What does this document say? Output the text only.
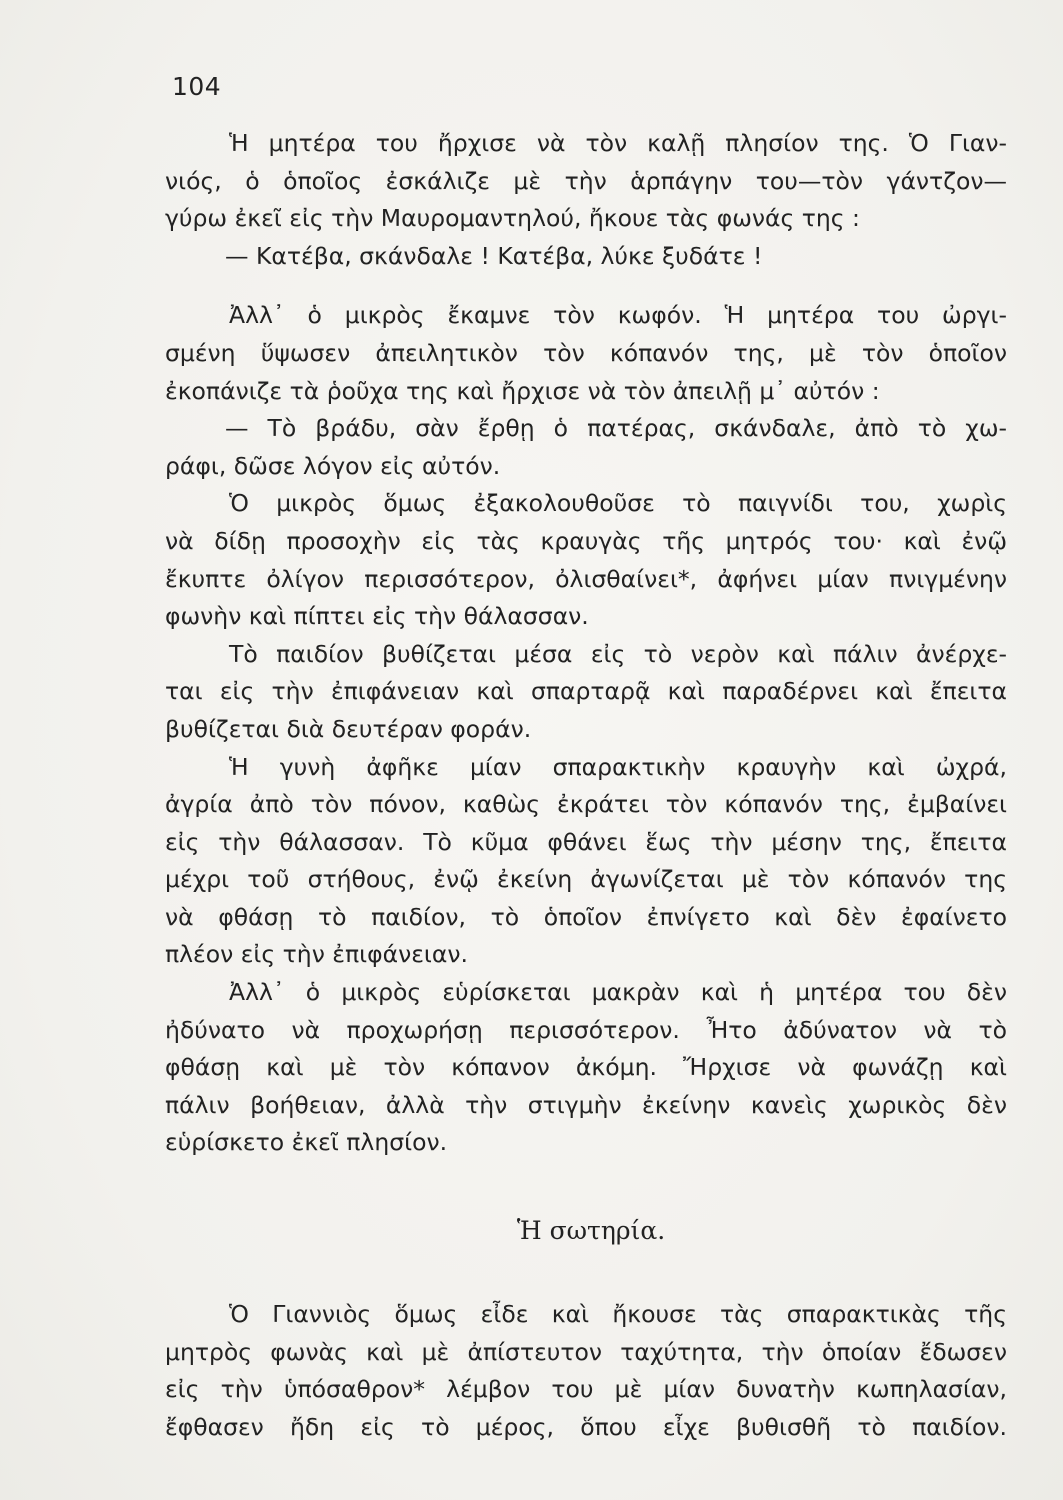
104
Ἡ μητέρα του ἤρχισε νὰ τὸν καλῇ πλησίον της. Ὁ Γιαν-
νιός, ὁ ὁποῖος ἐσκάλιζε μὲ τὴν ἁρπάγην του—τὸν γάντζον—
γύρω ἐκεῖ εἰς τὴν Μαυρομαντηλού, ἤκουε τὰς φωνάς της :
— Κατέβα, σκάνδαλε ! Κατέβα, λύκε ξυδάτε !
Ἀλλ᾽ ὁ μικρὸς ἔκαμνε τὸν κωφόν. Ἡ μητέρα του ὠργι-
σμένη ὕψωσεν ἀπειλητικὸν τὸν κόπανόν της, μὲ τὸν ὁποῖον
ἐκοπάνιζε τὰ ῥοῦχα της καὶ ἤρχισε νὰ τὸν ἀπειλῇ μ᾽ αὐτόν :
— Τὸ βράδυ, σὰν ἔρθῃ ὁ πατέρας, σκάνδαλε, ἀπὸ τὸ χω-
ράφι, δῶσε λόγον εἰς αὐτόν.
Ὁ μικρὸς ὅμως ἐξακολουθοῦσε τὸ παιγνίδι του, χωρὶς
νὰ δίδῃ προσοχὴν εἰς τὰς κραυγὰς τῆς μητρός του· καὶ ἐνῷ
ἔκυπτε ὀλίγον περισσότερον, ὀλισθαίνει*, ἀφήνει μίαν πνιγμένην
φωνὴν καὶ πίπτει εἰς τὴν θάλασσαν.
Τὸ παιδίον βυθίζεται μέσα εἰς τὸ νερὸν καὶ πάλιν ἀνέρχε-
ται εἰς τὴν ἐπιφάνειαν καὶ σπαρταρᾷ καὶ παραδέρνει καὶ ἔπειτα
βυθίζεται διὰ δευτέραν φοράν.
Ἡ γυνὴ ἀφῆκε μίαν σπαρακτικὴν κραυγὴν καὶ ὠχρά,
ἀγρία ἀπὸ τὸν πόνον, καθὼς ἐκράτει τὸν κόπανόν της, ἐμβαίνει
εἰς τὴν θάλασσαν. Τὸ κῦμα φθάνει ἕως τὴν μέσην της, ἔπειτα
μέχρι τοῦ στήθους, ἐνῷ ἐκείνη ἀγωνίζεται μὲ τὸν κόπανόν της
νὰ φθάσῃ τὸ παιδίον, τὸ ὁποῖον ἐπνίγετο καὶ δὲν ἐφαίνετο
πλέον εἰς τὴν ἐπιφάνειαν.
Ἀλλ᾽ ὁ μικρὸς εὑρίσκεται μακρὰν καὶ ἡ μητέρα του δὲν
ἠδύνατο νὰ προχωρήσῃ περισσότερον. Ἦτο ἀδύνατον νὰ τὸ
φθάσῃ καὶ μὲ τὸν κόπανον ἀκόμη. Ἤρχισε νὰ φωνάζῃ καὶ
πάλιν βοήθειαν, ἀλλὰ τὴν στιγμὴν ἐκείνην κανεὶς χωρικὸς δὲν
εὑρίσκετο ἐκεῖ πλησίον.
Ἡ σωτηρία.
Ὁ Γιαννιὸς ὅμως εἶδε καὶ ἤκουσε τὰς σπαρακτικὰς τῆς
μητρὸς φωνὰς καὶ μὲ ἀπίστευτον ταχύτητα, τὴν ὁποίαν ἔδωσεν
εἰς τὴν ὑπόσαθρον* λέμβον του μὲ μίαν δυνατὴν κωπηλασίαν,
ἔφθασεν ἤδη εἰς τὸ μέρος, ὅπου εἶχε βυθισθῆ τὸ παιδίον.
